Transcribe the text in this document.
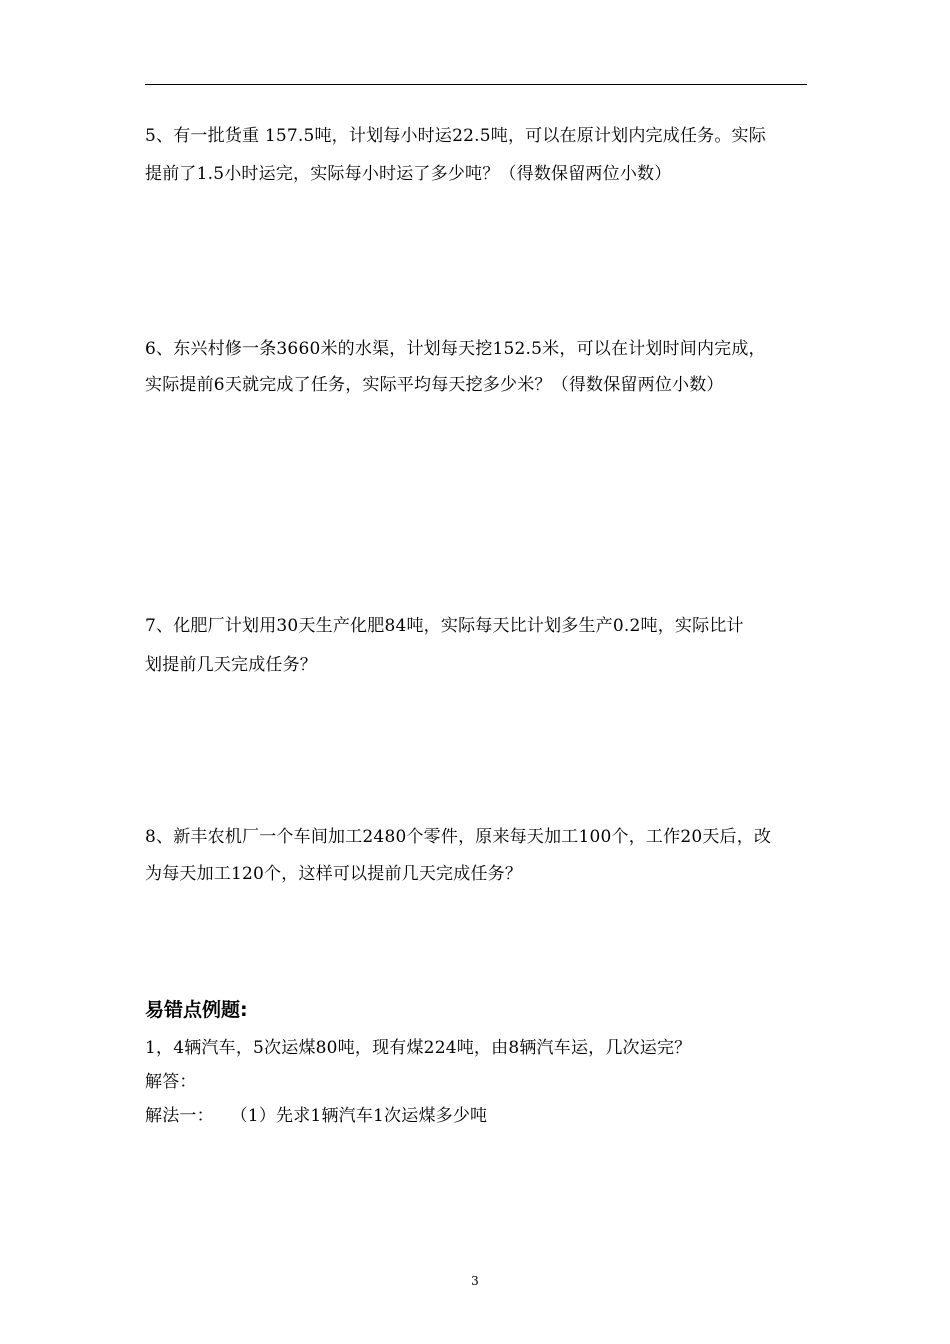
5、有一批货重 157.5吨，计划每小时运22.5吨，可以在原计划内完成任务。实际
提前了1.5小时运完，实际每小时运了多少吨？（得数保留两位小数）
6、东兴村修一条3660米的水渠，计划每天挖152.5米，可以在计划时间内完成，
实际提前6天就完成了任务，实际平均每天挖多少米？（得数保留两位小数）
7、化肥厂计划用30天生产化肥84吨，实际每天比计划多生产0.2吨，实际比计
划提前几天完成任务？
8、新丰农机厂一个车间加工2480个零件，原来每天加工100个，工作20天后，改
为每天加工120个，这样可以提前几天完成任务？
易错点例题:
1，4辆汽车，5次运煤80吨，现有煤224吨，由8辆汽车运，几次运完？
解答：
解法一：   （1）先求1辆汽车1次运煤多少吨
3
